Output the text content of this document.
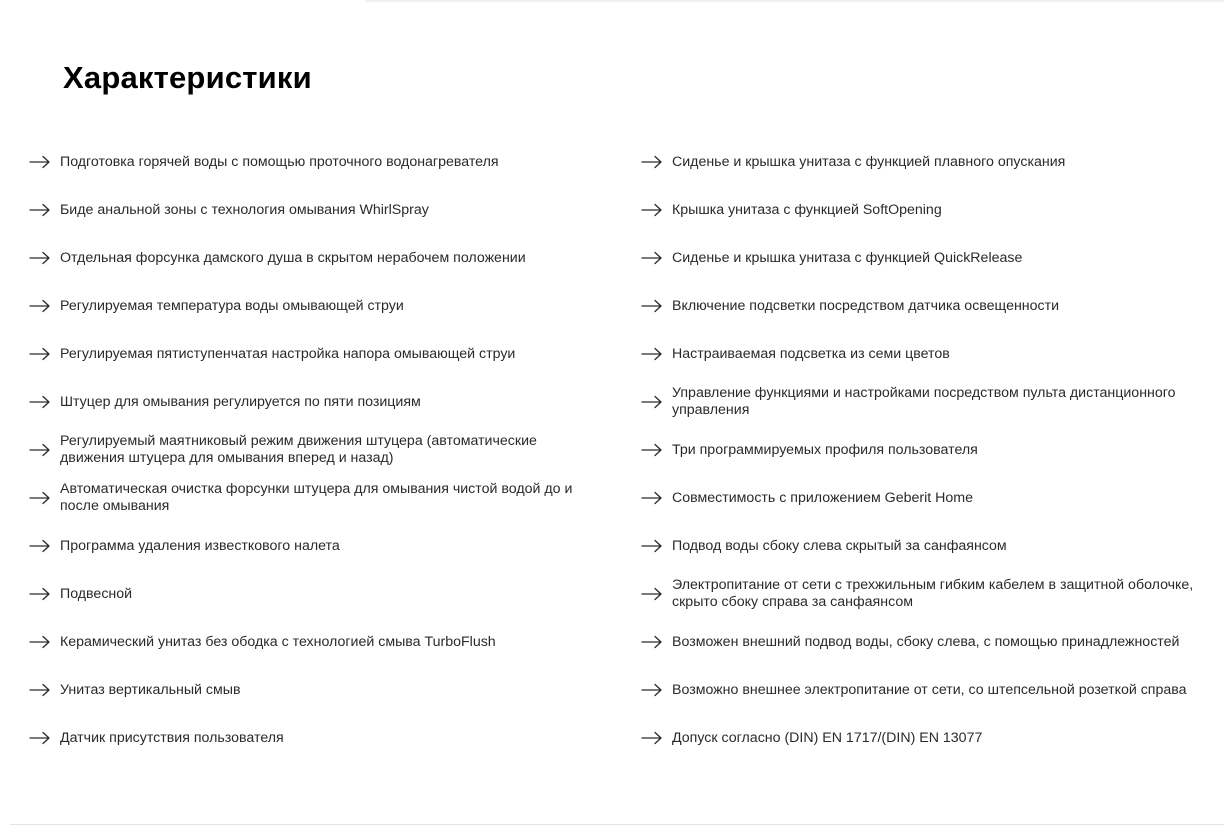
Характеристики
Подготовка горячей воды с помощью проточного водонагревателя
Биде анальной зоны с технология омывания WhirlSpray
Отдельная форсунка дамского душа в скрытом нерабочем положении
Регулируемая температура воды омывающей струи
Регулируемая пятиступенчатая настройка напора омывающей струи
Штуцер для омывания регулируется по пяти позициям
Регулируемый маятниковый режим движения штуцера (автоматические движения штуцера для омывания вперед и назад)
Автоматическая очистка форсунки штуцера для омывания чистой водой до и после омывания
Программа удаления известкового налета
Подвесной
Керамический унитаз без ободка с технологией смыва TurboFlush
Унитаз вертикальный смыв
Датчик присутствия пользователя
Сиденье и крышка унитаза с функцией плавного опускания
Крышка унитаза с функцией SoftOpening
Сиденье и крышка унитаза с функцией QuickRelease
Включение подсветки посредством датчика освещенности
Настраиваемая подсветка из семи цветов
Управление функциями и настройками посредством пульта дистанционного управления
Три программируемых профиля пользователя
Совместимость с приложением Geberit Home
Подвод воды сбоку слева скрытый за санфаянсом
Электропитание от сети с трехжильным гибким кабелем в защитной оболочке, скрыто сбоку справа за санфаянсом
Возможен внешний подвод воды, сбоку слева, с помощью принадлежностей
Возможно внешнее электропитание от сети, со штепсельной розеткой справа
Допуск согласно (DIN) EN 1717/(DIN) EN 13077
